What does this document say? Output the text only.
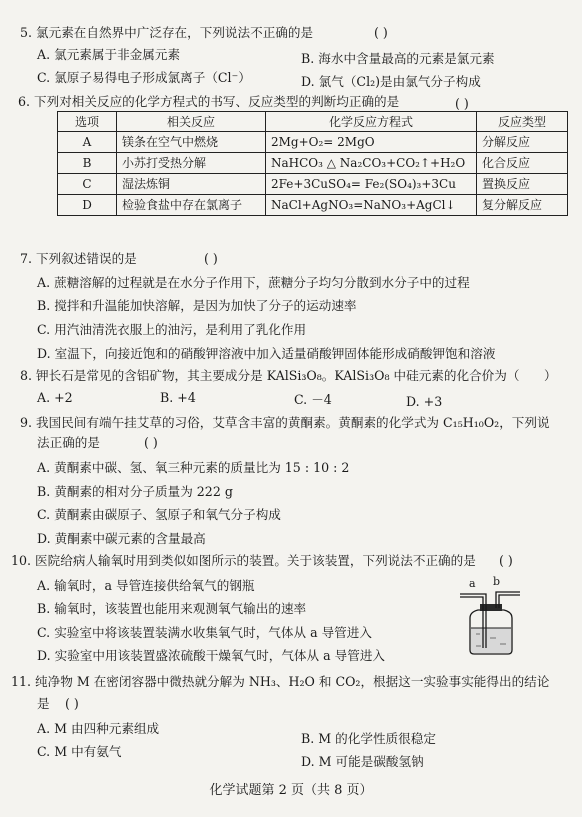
5. 氯元素在自然界中广泛存在，下列说法不正确的是	( )
A. 氯元素属于非金属元素	B. 海水中含量最高的元素是氯元素
C. 氯原子易得电子形成氯离子（Cl⁻）	D. 氯气（Cl₂)是由氯气分子构成
6. 下列对相关反应的化学方程式的书写、反应类型的判断均正确的是	( )
选项	相关反应	化学反应方程式	反应类型
A	镁条在空气中燃烧	2Mg+O₂= 2MgO	分解反应
B	小苏打受热分解	NaHCO₃ △ Na₂CO₃+CO₂↑+H₂O	化合反应
C	湿法炼铜	2Fe+3CuSO₄= Fe₂(SO₄)₃+3Cu	置换反应
D	检验食盐中存在氯离子	NaCl+AgNO₃=NaNO₃+AgCl↓	复分解反应
7. 下列叙述错误的是	( )
A. 蔗糖溶解的过程就是在水分子作用下，蔗糖分子均匀分散到水分子中的过程
B. 搅拌和升温能加快溶解，是因为加快了分子的运动速率
C. 用汽油清洗衣服上的油污，是利用了乳化作用
D. 室温下，向接近饱和的硝酸钾溶液中加入适量硝酸钾固体能形成硝酸钾饱和溶液
8. 钾长石是常见的含铝矿物，其主要成分是 KAlSi₃O₈。KAlSi₃O₈ 中硅元素的化合价为（ ）
A. +2	B. +4	C. －4	D. +3
9. 我国民间有端午挂艾草的习俗，艾草含丰富的黄酮素。黄酮素的化学式为 C₁₅H₁₀O₂，下列说
法正确的是	( )
A. 黄酮素中碳、氢、氧三种元素的质量比为 15 : 10 : 2
B. 黄酮素的相对分子质量为 222 g
C. 黄酮素由碳原子、氢原子和氧气分子构成
D. 黄酮素中碳元素的含量最高
10. 医院给病人输氧时用到类似如图所示的装置。关于该装置，下列说法不正确的是 ( )
A. 输氧时，a 导管连接供给氧气的钢瓶
B. 输氧时，该装置也能用来观测氧气输出的速率
C. 实验室中将该装置装满水收集氧气时，气体从 a 导管进入
D. 实验室中用该装置盛浓硫酸干燥氧气时，气体从 a 导管进入
a b
11. 纯净物 M 在密闭容器中微热就分解为 NH₃、H₂O 和 CO₂，根据这一实验事实能得出的结论
是 ( )
A. M 由四种元素组成
B. M 的化学性质很稳定
C. M 中有氨气
D. M 可能是碳酸氢钠
化学试题第 2 页（共 8 页）
